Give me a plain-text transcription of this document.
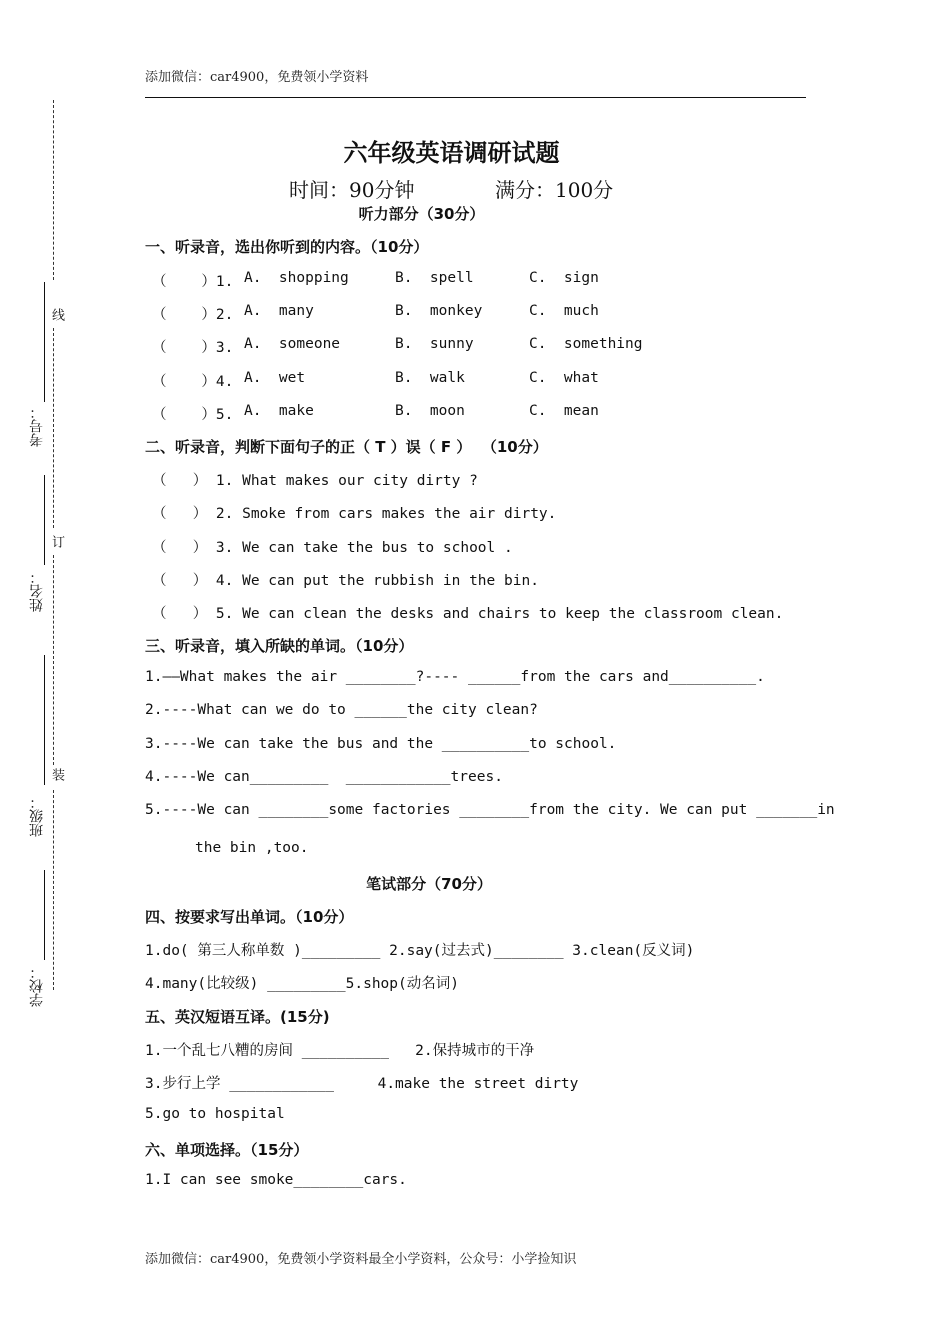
添加微信：car4900，免费领小学资料
添加微信：car4900，免费领小学资料最全小学资料，公众号：小学捡知识
线
订
装
考号：
姓名：
班级：
学校：
六年级英语调研试题
时间：90分钟	满分：100分
听力部分（30分）
一、听录音，选出你听到的内容。（10分）
（    ）1. A.  shopping	B.  spell	C.  sign
（    ）2. A.  many	B.  monkey	C.  much
（    ）3. A.  someone	B.  sunny	C.  something
（    ）4. A.  wet	B.  walk	C.  what
（    ）5. A.  make	B.  moon	C.  mean
二、听录音，判断下面句子的正（ T ）误（ F ）  （10分）
（   ） 1. What makes our city dirty ?
（   ） 2. Smoke from cars makes the air dirty.
（   ） 3. We can take the bus to school .
（   ） 4. We can put the rubbish in the bin.
（   ） 5. We can clean the desks and chairs to keep the classroom clean.
三、听录音，填入所缺的单词。（10分）
1.——What makes the air ________?---- ______from the cars and__________.
2.----What can we do to ______the city clean?
3.----We can take the bus and the __________to school.
4.----We can_________  ____________trees.
5.----We can ________some factories ________from the city. We can put _______in
the bin ,too.
笔试部分（70分）
四、按要求写出单词。（10分）
1.do( 第三人称单数 )_________ 2.say(过去式)________ 3.clean(反义词)
4.many(比较级) _________5.shop(动名词)
五、英汉短语互译。(15分)
1.一个乱七八糟的房间 __________   2.保持城市的干净
3.步行上学 ____________     4.make the street dirty
5.go to hospital
六、单项选择。（15分）
1.I can see smoke________cars.
